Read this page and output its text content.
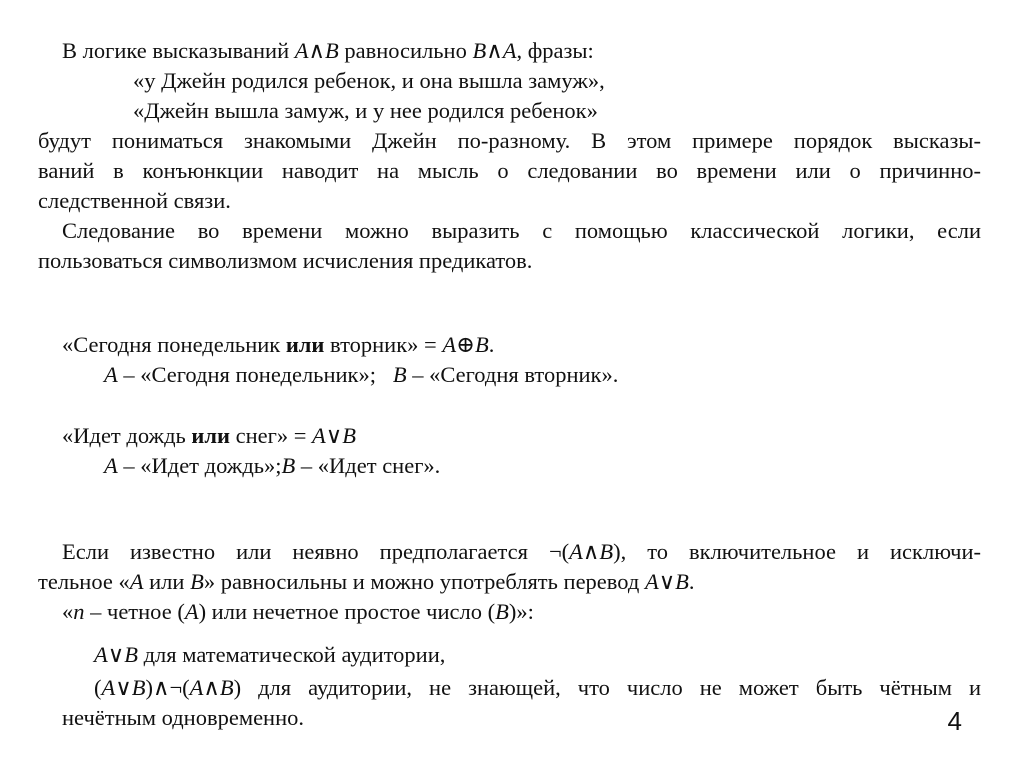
В логике высказываний A∧B равносильно B∧A, фразы:
«у Джейн родился ребенок, и она вышла замуж»,
«Джейн вышла замуж, и у нее родился ребенок»
будут пониматься знакомыми Джейн по-разному. В этом примере порядок высказы-
ваний в конъюнкции наводит на мысль о следовании во времени или о причинно-
следственной связи.
Следование во времени можно выразить с помощью классической логики, если
пользоваться символизмом исчисления предикатов.
«Сегодня понедельник или вторник» = A⊕B.
A – «Сегодня понедельник»;   B – «Сегодня вторник».
«Идет дождь или снег» = A∨B
A – «Идет дождь»;B – «Идет снег».
Если известно или неявно предполагается ¬(A∧B), то включительное и исключи-
тельное «A или B» равносильны и можно употреблять перевод A∨B.
«n – четное (A) или нечетное простое число (B)»:
A∨B для математической аудитории,
(A∨B)∧¬(A∧B) для аудитории, не знающей, что число не может быть чётным и
нечётным одновременно.	4
